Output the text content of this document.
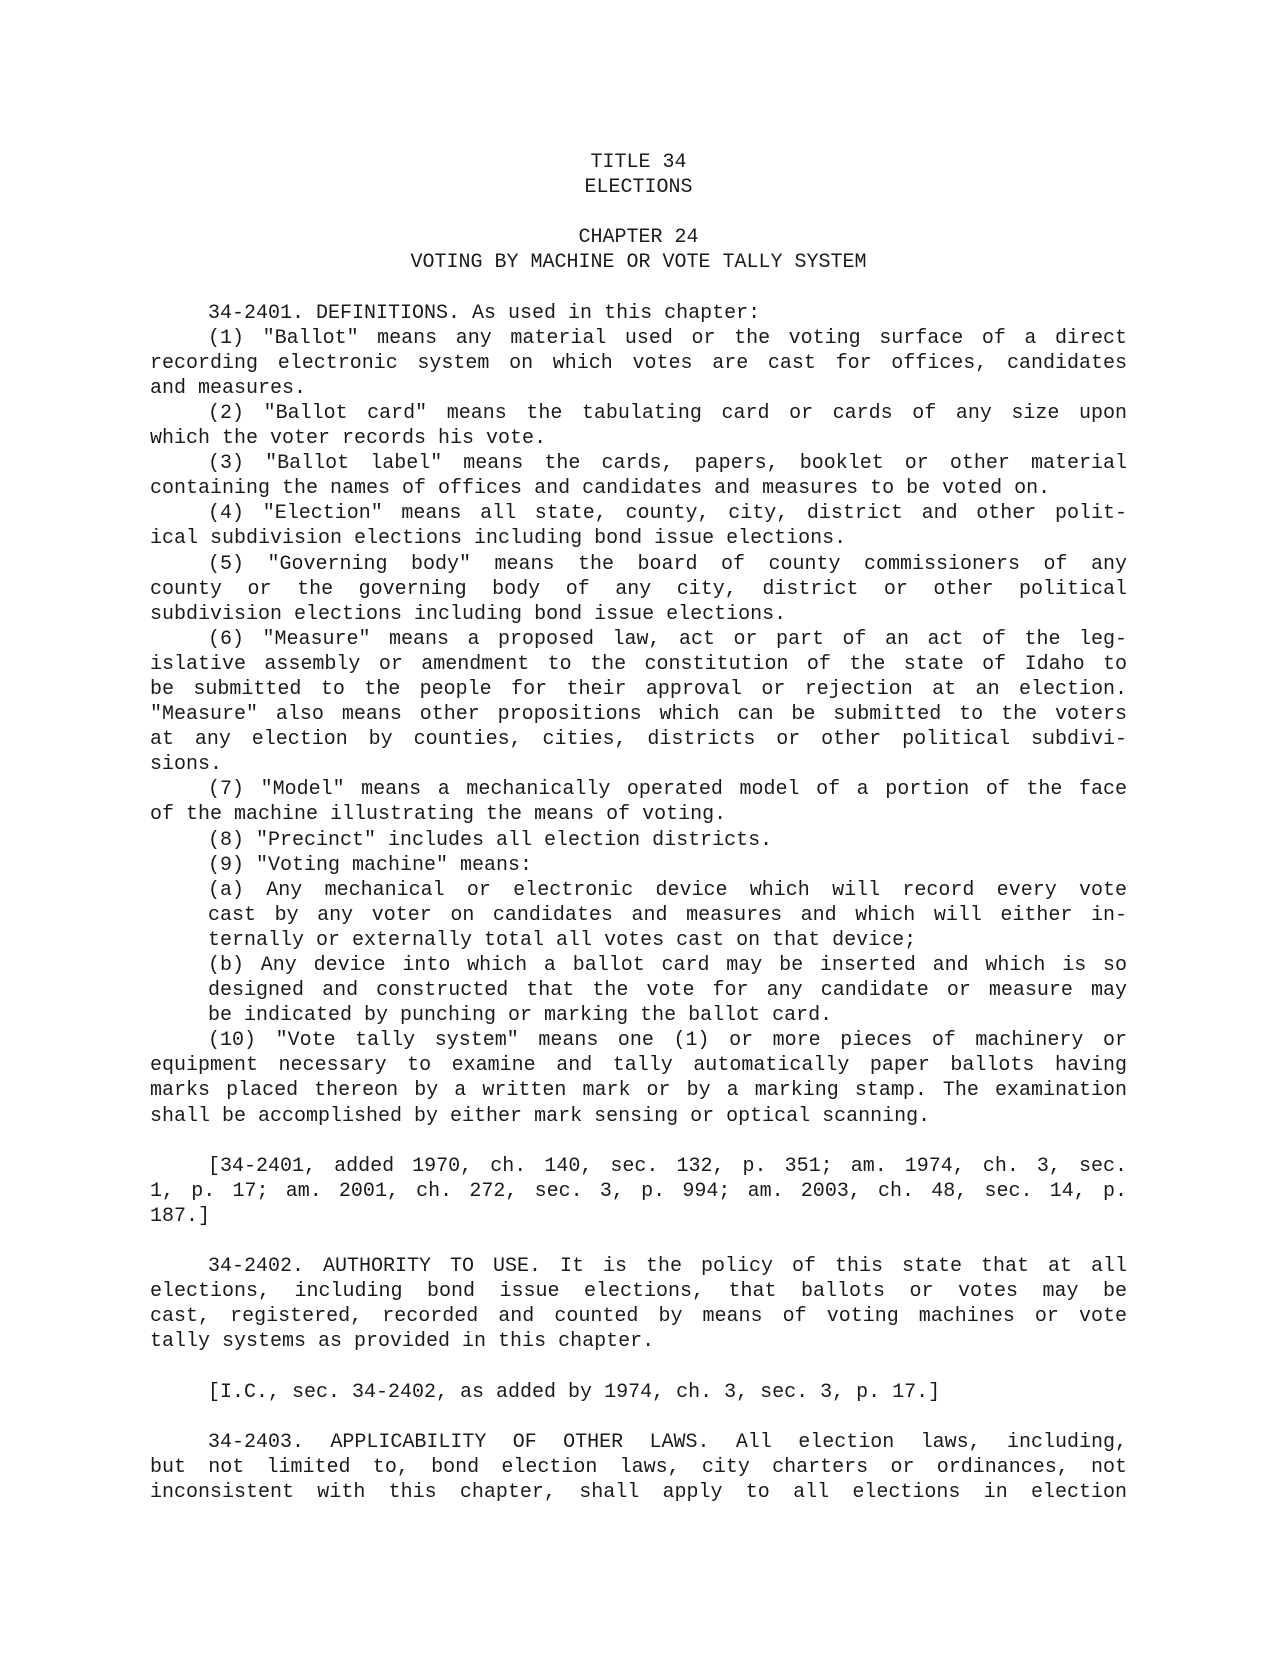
TITLE 34
ELECTIONS
CHAPTER 24
VOTING BY MACHINE OR VOTE TALLY SYSTEM
34-2401. DEFINITIONS. As used in this chapter:
(1) "Ballot" means any material used or the voting surface of a direct
recording electronic system on which votes are cast for offices, candidates
and measures.
(2) "Ballot card" means the tabulating card or cards of any size upon
which the voter records his vote.
(3) "Ballot label" means the cards, papers, booklet or other material
containing the names of offices and candidates and measures to be voted on.
(4) "Election" means all state, county, city, district and other polit-
ical subdivision elections including bond issue elections.
(5) "Governing body" means the board of county commissioners of any
county or the governing body of any city, district or other political
subdivision elections including bond issue elections.
(6) "Measure" means a proposed law, act or part of an act of the leg-
islative assembly or amendment to the constitution of the state of Idaho to
be submitted to the people for their approval or rejection at an election.
"Measure" also means other propositions which can be submitted to the voters
at any election by counties, cities, districts or other political subdivi-
sions.
(7) "Model" means a mechanically operated model of a portion of the face
of the machine illustrating the means of voting.
(8) "Precinct" includes all election districts.
(9) "Voting machine" means:
(a) Any mechanical or electronic device which will record every vote
cast by any voter on candidates and measures and which will either in-
ternally or externally total all votes cast on that device;
(b) Any device into which a ballot card may be inserted and which is so
designed and constructed that the vote for any candidate or measure may
be indicated by punching or marking the ballot card.
(10) "Vote tally system" means one (1) or more pieces of machinery or
equipment necessary to examine and tally automatically paper ballots having
marks placed thereon by a written mark or by a marking stamp. The examination
shall be accomplished by either mark sensing or optical scanning.
[34-2401, added 1970, ch. 140, sec. 132, p. 351; am. 1974, ch. 3, sec.
1, p. 17; am. 2001, ch. 272, sec. 3, p. 994; am. 2003, ch. 48, sec. 14, p.
187.]
34-2402. AUTHORITY TO USE. It is the policy of this state that at all
elections, including bond issue elections, that ballots or votes may be
cast, registered, recorded and counted by means of voting machines or vote
tally systems as provided in this chapter.
[I.C., sec. 34-2402, as added by 1974, ch. 3, sec. 3, p. 17.]
34-2403. APPLICABILITY OF OTHER LAWS. All election laws, including,
but not limited to, bond election laws, city charters or ordinances, not
inconsistent with this chapter, shall apply to all elections in election
